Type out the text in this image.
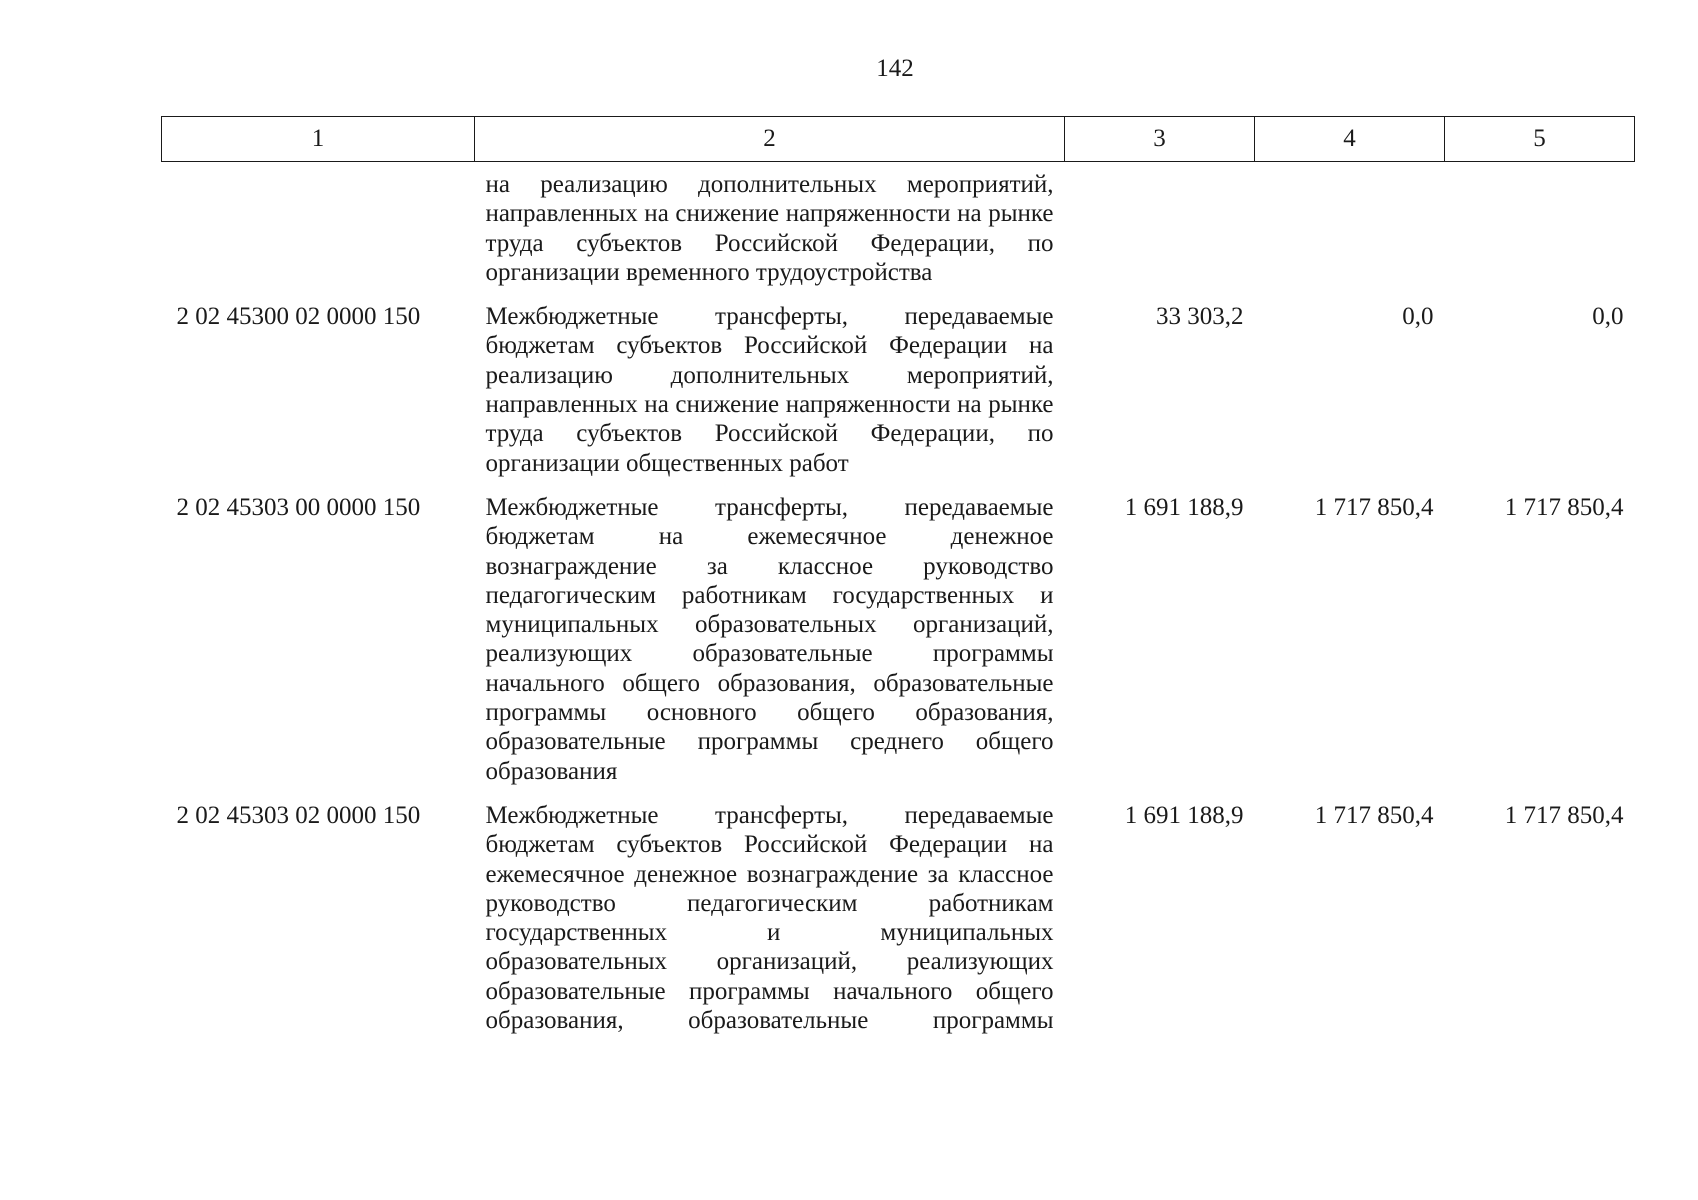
142
1	2	3	4	5
	на реализацию дополнительных мероприятий, направленных на снижение напряженности на рынке труда субъектов Российской Федерации, по организации временного трудоустройства			
2 02 45300 02 0000 150	Межбюджетные трансферты, передаваемые бюджетам субъектов Российской Федерации на реализацию дополнительных мероприятий, направленных на снижение напряженности на рынке труда субъектов Российской Федерации, по организации общественных работ	33 303,2	0,0	0,0
2 02 45303 00 0000 150	Межбюджетные трансферты, передаваемые бюджетам на ежемесячное денежное вознаграждение за классное руководство педагогическим работникам государственных и муниципальных образовательных организаций, реализующих образовательные программы начального общего образования, образовательные программы основного общего образования, образовательные программы среднего общего образования	1 691 188,9	1 717 850,4	1 717 850,4
2 02 45303 02 0000 150	Межбюджетные трансферты, передаваемые бюджетам субъектов Российской Федерации на ежемесячное денежное вознаграждение за классное руководство педагогическим работникам государственных и муниципальных образовательных организаций, реализующих образовательные программы начального общего образования, образовательные программы	1 691 188,9	1 717 850,4	1 717 850,4
